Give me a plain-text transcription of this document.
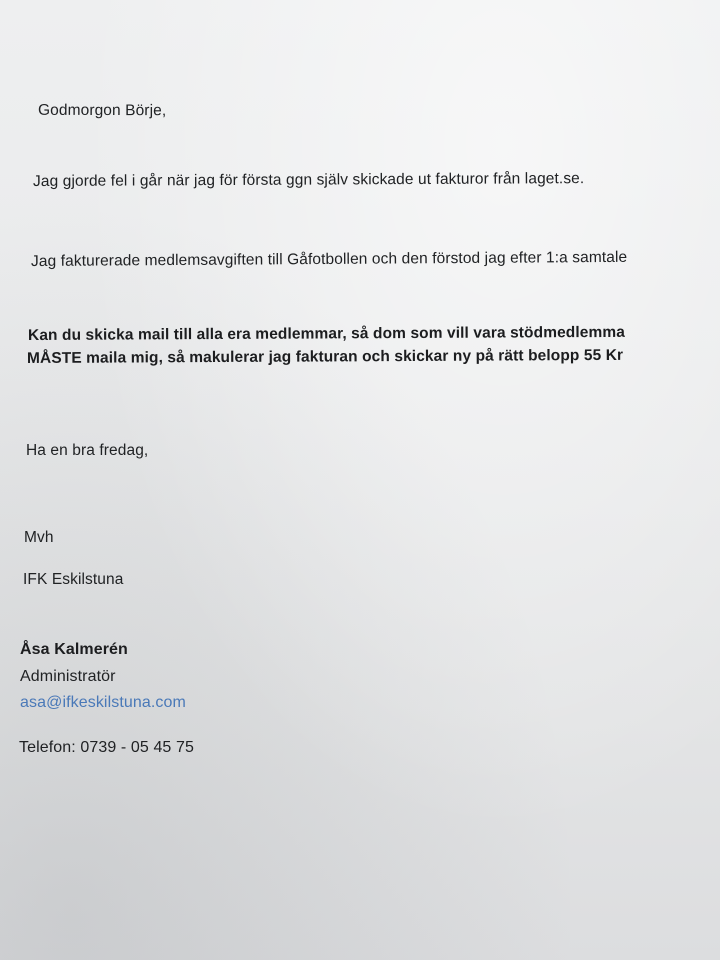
Godmorgon Börje,
Jag gjorde fel i går när jag för första ggn själv skickade ut fakturor från laget.se.
Jag fakturerade medlemsavgiften till Gåfotbollen och den förstod jag efter 1:a samtale
Kan du skicka mail till alla era medlemmar, så dom som vill vara stödmedlemma
MÅSTE maila mig, så makulerar jag fakturan och skickar ny på rätt belopp 55 Kr
Ha en bra fredag,
Mvh
IFK Eskilstuna
Åsa Kalmerén
Administratör
asa@ifkeskilstuna.com
Telefon: 0739 - 05 45 75
